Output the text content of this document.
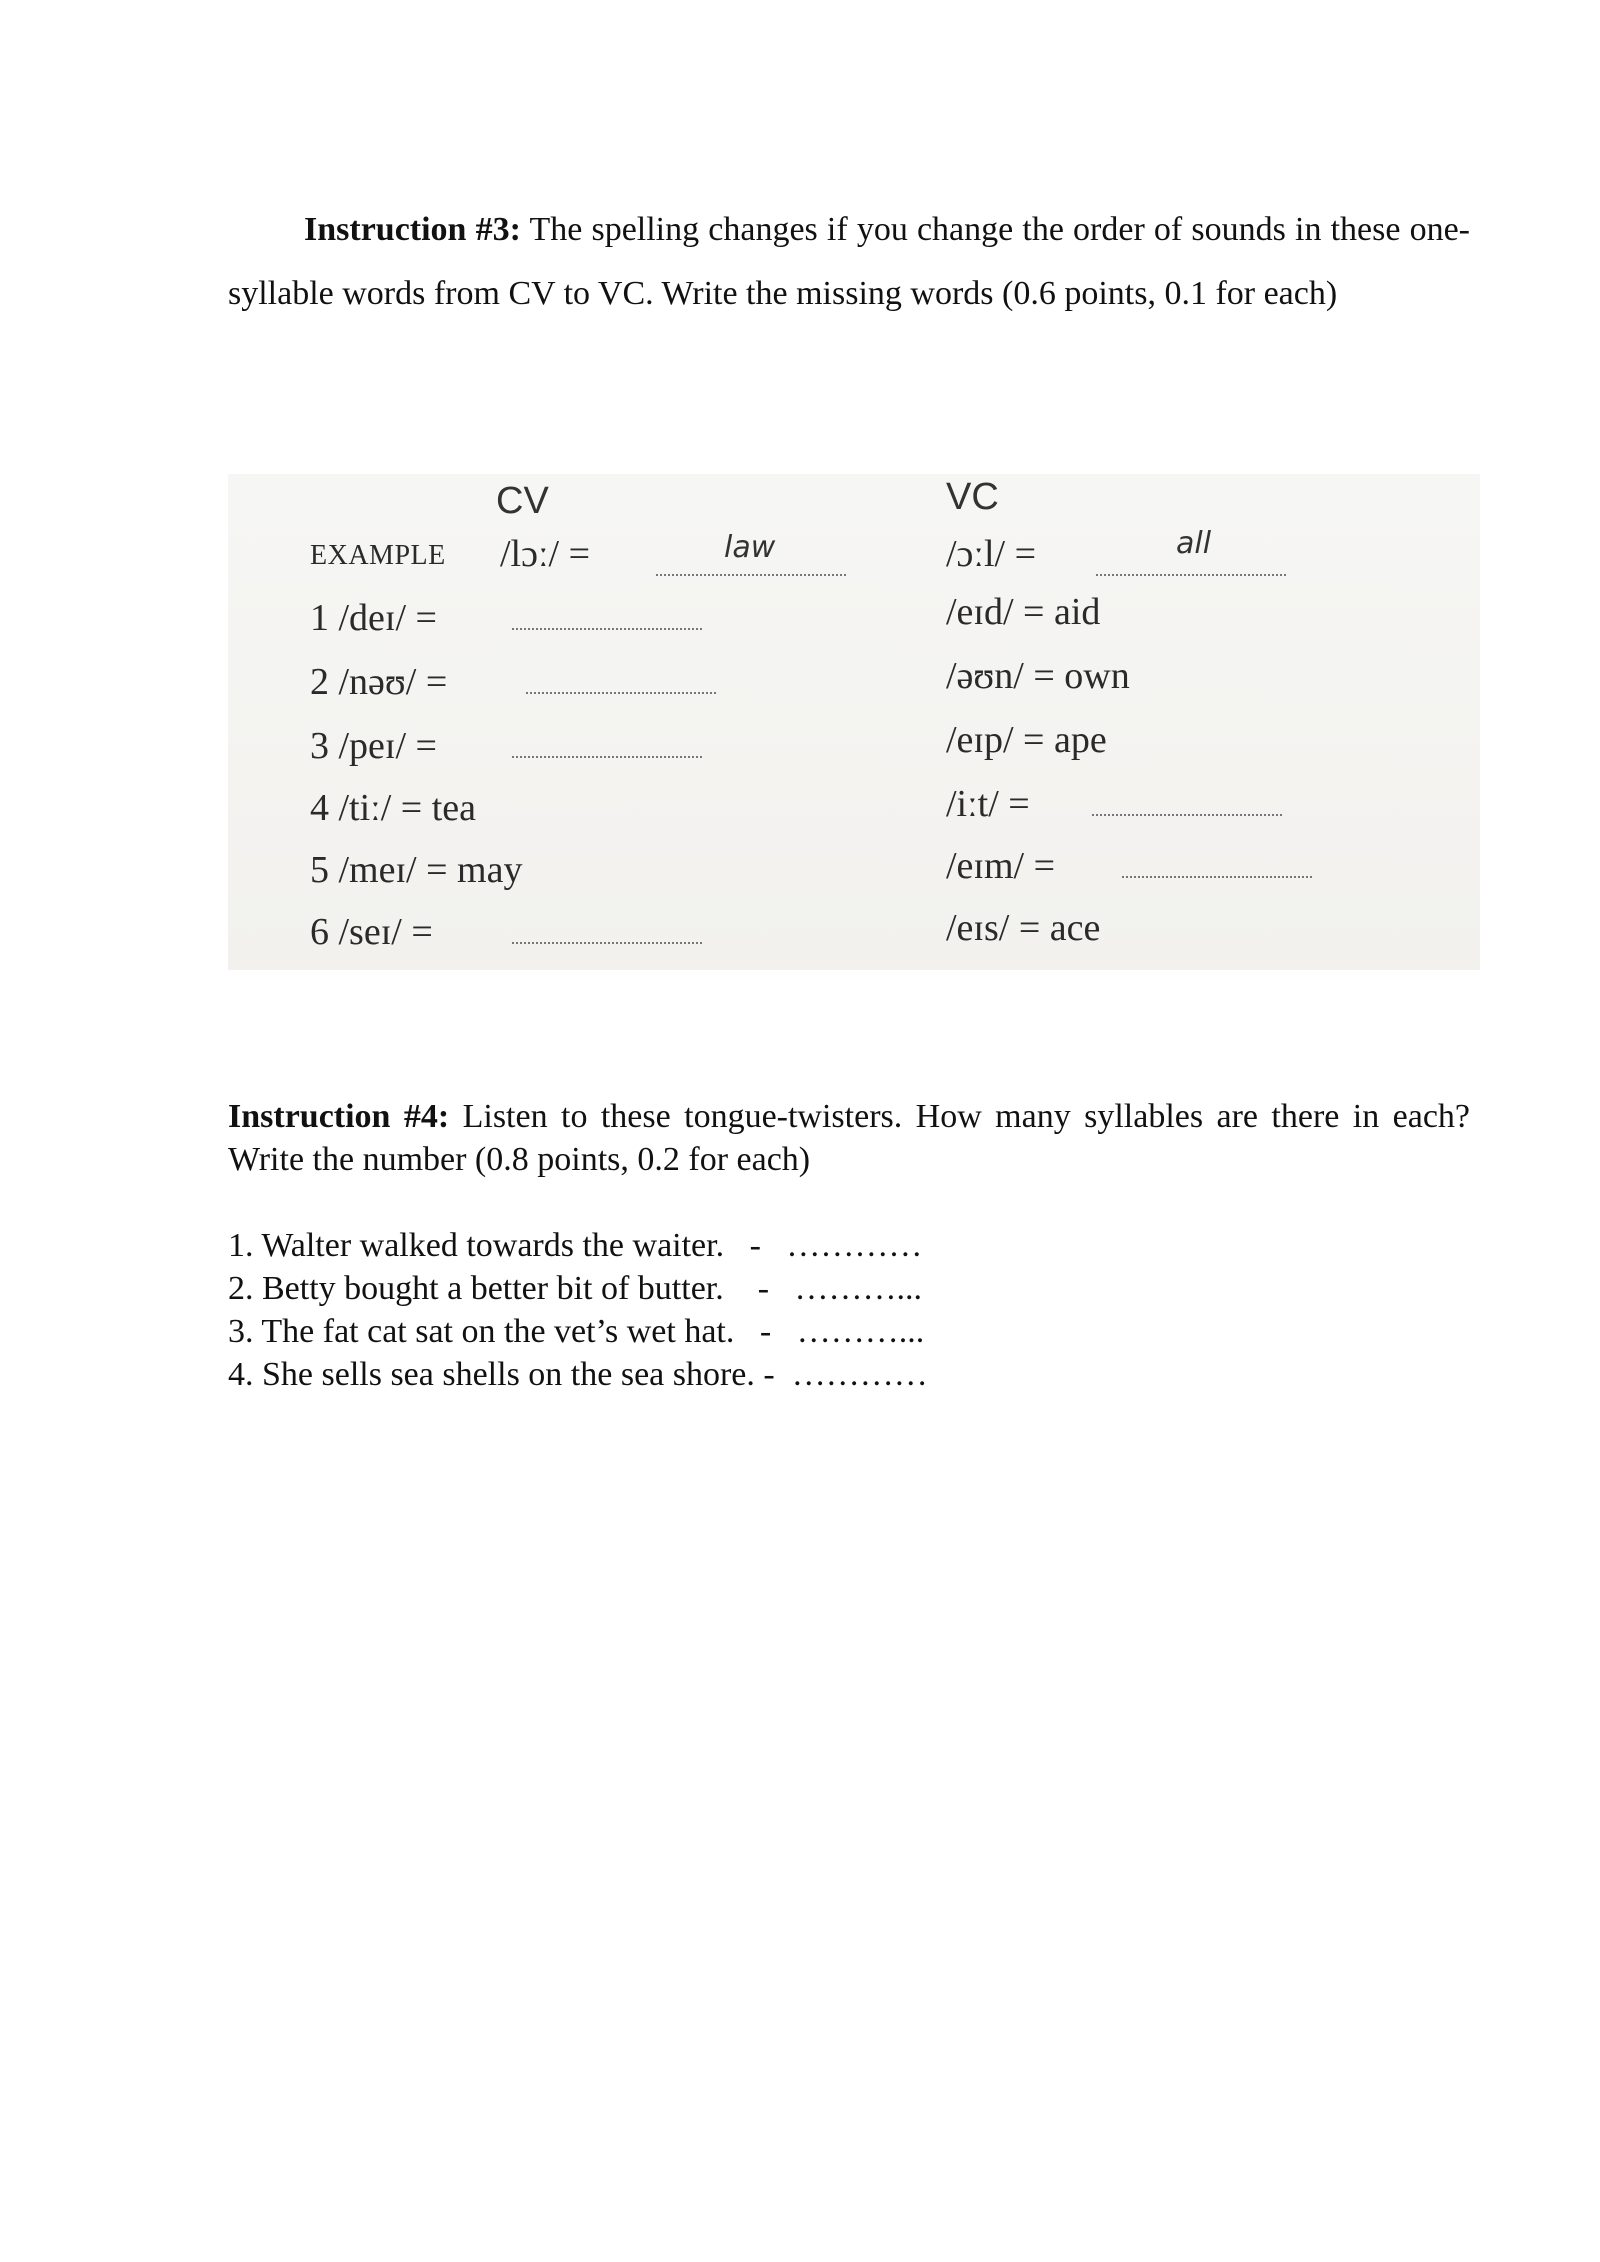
Instruction #3: The spelling changes if you change the order of sounds in these one-syllable words from CV to VC. Write the missing words (0.6 points, 0.1 for each)

CV	VC
EXAMPLE /lɔː/ =	law	/ɔːl/ =	all
1 /deɪ/ =	/eɪd/ = aid
2 /nəʊ/ =	/əʊn/ = own
3 /peɪ/ =	/eɪp/ = ape
4 /tiː/ = tea	/iːt/ =
5 /meɪ/ = may	/eɪm/ =
6 /seɪ/ =	/eɪs/ = ace

Instruction #4: Listen to these tongue-twisters. How many syllables are there in each? Write the number (0.8 points, 0.2 for each)

1. Walter walked towards the waiter.   -   …………
2. Betty bought a better bit of butter.    -   ………...
3. The fat cat sat on the vet’s wet hat.   -   ………...
4. She sells sea shells on the sea shore. -  …………
